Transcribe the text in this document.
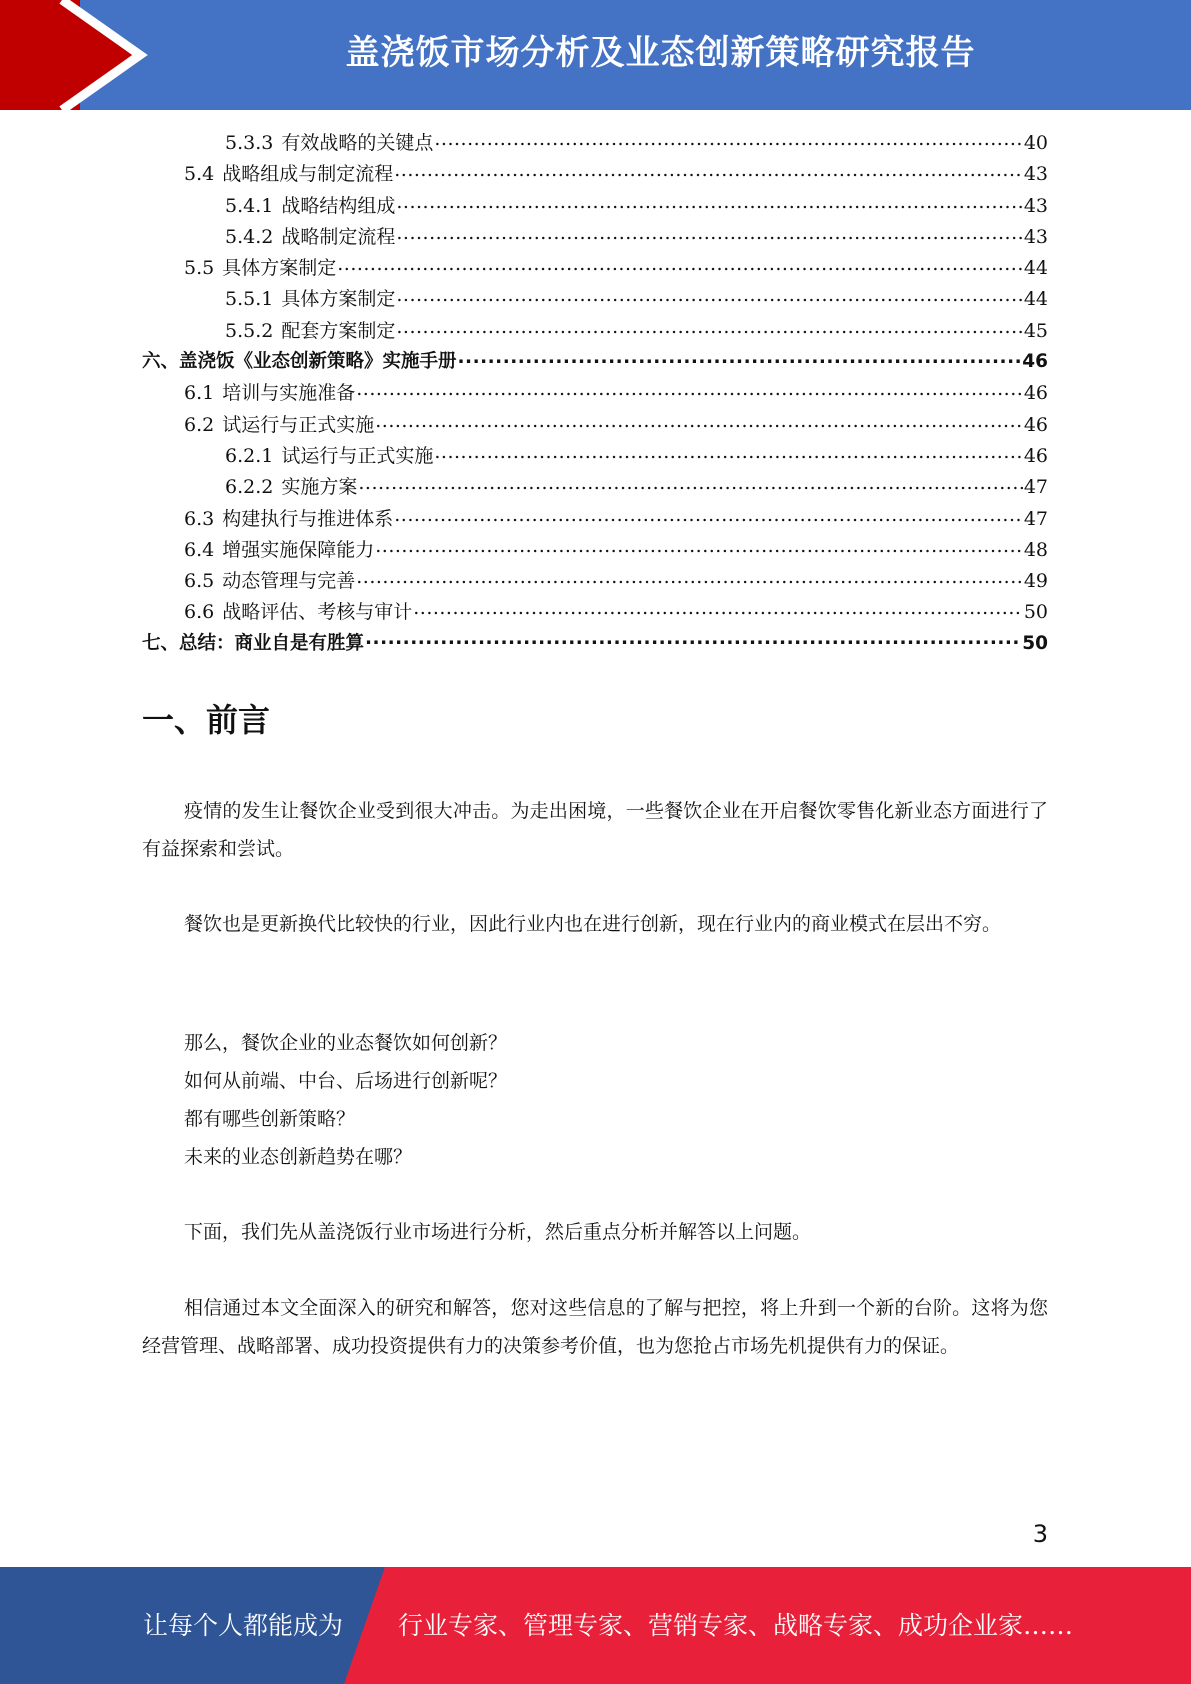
盖浇饭市场分析及业态创新策略研究报告
5.3.3 有效战略的关键点 .....	40
5.4 战略组成与制定流程 .....	43
5.4.1 战略结构组成 .....	43
5.4.2 战略制定流程 .....	43
5.5 具体方案制定 .....	44
5.5.1 具体方案制定 .....	44
5.5.2 配套方案制定 .....	45
六、 盖浇饭《业态创新策略》实施手册 .....	46
6.1 培训与实施准备 .....	46
6.2 试运行与正式实施 .....	46
6.2.1 试运行与正式实施 .....	46
6.2.2 实施方案 .....	47
6.3 构建执行与推进体系 .....	47
6.4 增强实施保障能力 .....	48
6.5 动态管理与完善 .....	49
6.6 战略评估、考核与审计 .....	50
七、 总结：商业自是有胜算 .....	50
一、前言

疫情的发生让餐饮企业受到很大冲击。为走出困境，一些餐饮企业在开启餐饮零售化新业态方面进行了有益探索和尝试。

餐饮也是更新换代比较快的行业，因此行业内也在进行创新，现在行业内的商业模式在层出不穷。

那么，餐饮企业的业态餐饮如何创新？

如何从前端、中台、后场进行创新呢？

都有哪些创新策略？

未来的业态创新趋势在哪？

下面，我们先从盖浇饭行业市场进行分析，然后重点分析并解答以上问题。

相信通过本文全面深入的研究和解答，您对这些信息的了解与把控，将上升到一个新的台阶。这将为您经营管理、战略部署、成功投资提供有力的决策参考价值，也为您抢占市场先机提供有力的保证。

3
让每个人都能成为 行业专家、管理专家、营销专家、战略专家、成功企业家……
